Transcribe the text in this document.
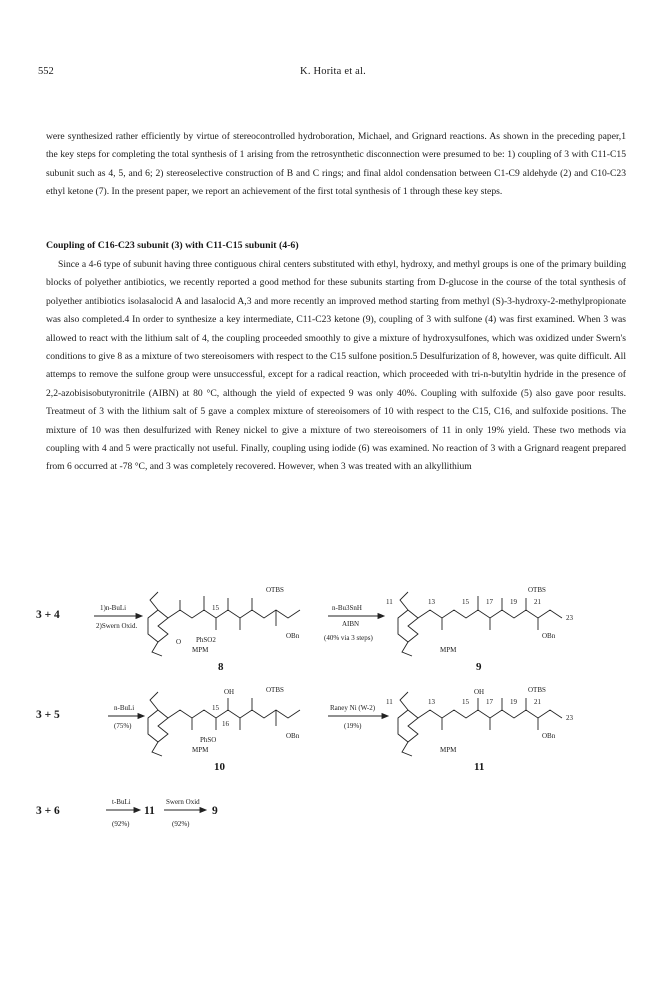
552	K. Horita et al.
were synthesized rather efficiently by virtue of stereocontrolled hydroboration, Michael, and Grignard reactions. As shown in the preceding paper,1 the key steps for completing the total synthesis of 1 arising from the retrosynthetic disconnection were presumed to be: 1) coupling of 3 with C11-C15 subunit such as 4, 5, and 6; 2) stereoselective construction of B and C rings; and final aldol condensation between C1-C9 aldehyde (2) and C10-C23 ethyl ketone (7). In the present paper, we report an achievement of the first total synthesis of 1 through these key steps.
Coupling of C16-C23 subunit (3) with C11-C15 subunit (4-6)
Since a 4-6 type of subunit having three contiguous chiral centers substituted with ethyl, hydroxy, and methyl groups is one of the primary building blocks of polyether antibiotics, we recently reported a good method for these subunits starting from D-glucose in the course of the total synthesis of polyether antibiotics isolasalocid A and lasalocid A,3 and more recently an improved method starting from methyl (S)-3-hydroxy-2-methylpropionate was also completed.4 In order to synthesize a key intermediate, C11-C23 ketone (9), coupling of 3 with sulfone (4) was first examined. When 3 was allowed to react with the lithium salt of 4, the coupling proceeded smoothly to give a mixture of hydroxysulfones, which was oxidized under Swern's conditions to give 8 as a mixture of two stereoisomers with respect to the C15 sulfone position.5 Desulfurization of 8, however, was quite difficult. All attemps to remove the sulfone group were unsuccessful, except for a radical reaction, which proceeded with tri-n-butyltin hydride in the presence of 2,2-azobisisobutyronitrile (AIBN) at 80 °C, although the yield of expected 9 was only 40%. Coupling with sulfoxide (5) also gave poor results. Treatmeut of 3 with the lithium salt of 5 gave a complex mixture of stereoisomers of 10 with respect to the C15, C16, and sulfoxide positions. The mixture of 10 was then desulfurized with Reney nickel to give a mixture of two stereoisomers of 11 in only 19% yield. These two methods via coupling with 4 and 5 were practically not useful. Finally, coupling using iodide (6) was examined. No reaction of 3 with a Grignard reagent prepared from 6 occurred at -78 °C, and 3 was completely recovered. However, when 3 was treated with an alkyllithium
3 + 4
1)n-BuLi
2)Swern Oxid.
OTBS
OBn
PhSO2
MPM
O
15
8
n-Bu3SnH
AIBN
(40% via 3 steps)
13
11	15 17 19 21
23
OTBS
OBn
MPM
9
3 + 5
n-BuLi
(75%)
OH	OTBS
OBn
PhSO
MPM
15
16
10
Raney Ni (W-2)
(19%)
OH	OTBS
OBn
MPM
11	13	15 17 19 21
23
11
3 + 6
t-BuLi
(92%)
11
Swern Oxid
(92%)
9
